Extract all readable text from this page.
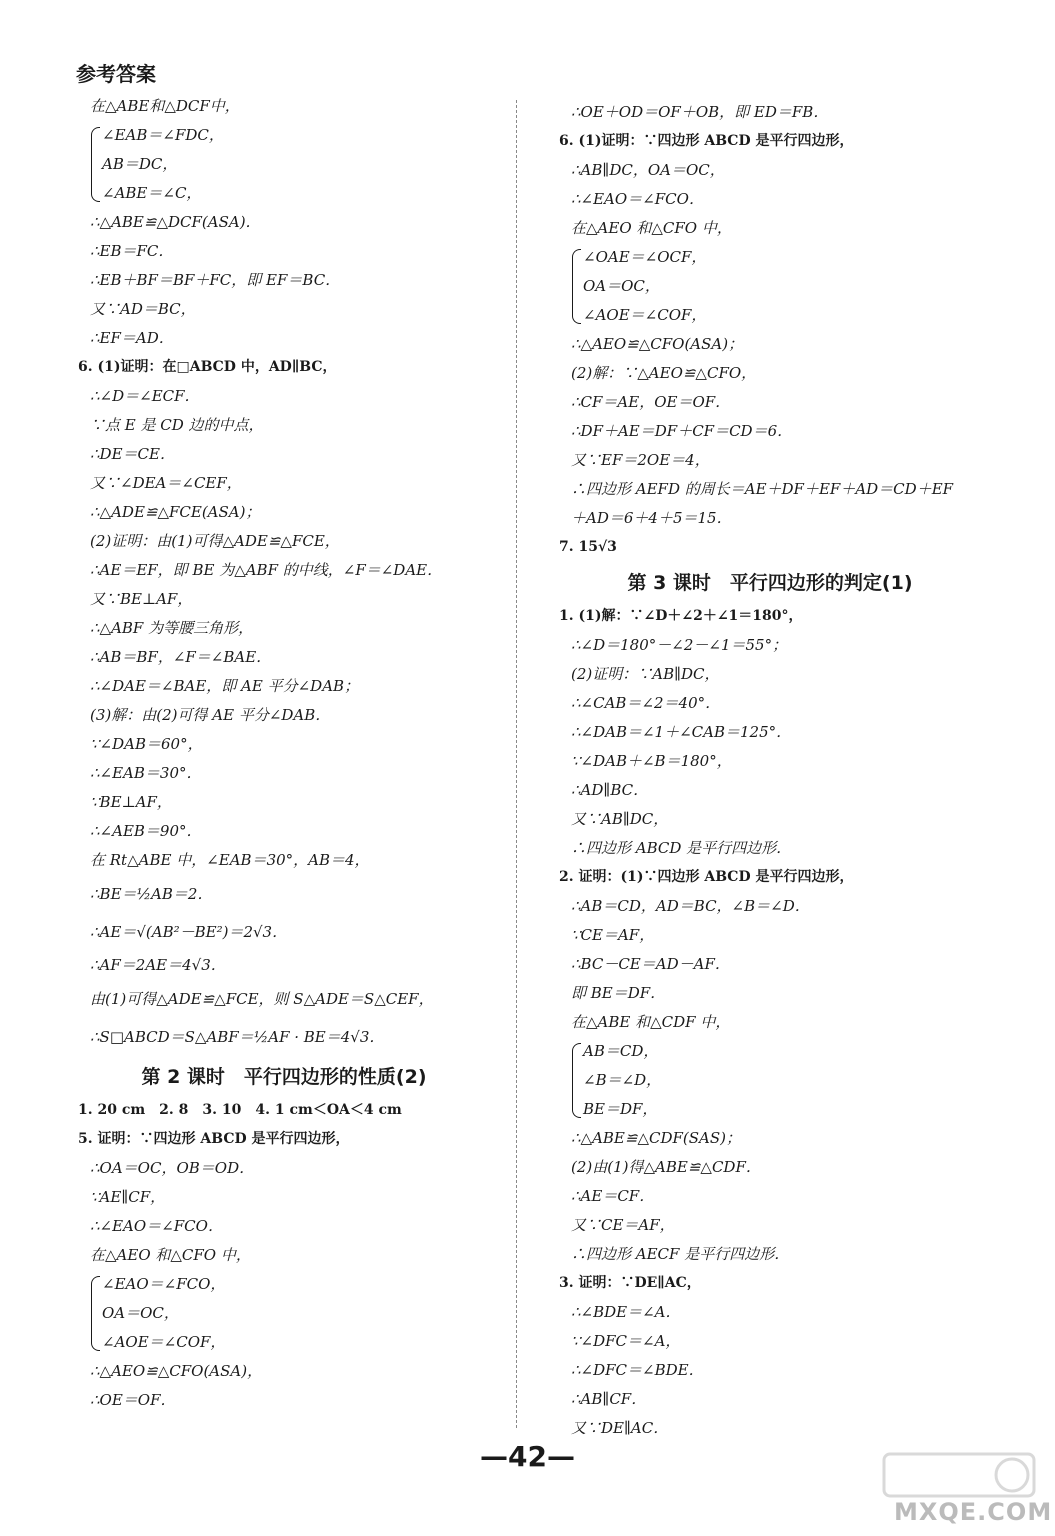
参考答案
在△ABE和△DCF中，
∠EAB＝∠FDC，
AB＝DC，
∠ABE＝∠C，
∴△ABE≌△DCF(ASA)．
∴EB＝FC．
∴EB＋BF＝BF＋FC，即 EF＝BC．
又∵AD＝BC，
∴EF＝AD．
6. (1)证明：在□ABCD 中，AD∥BC，
∴∠D＝∠ECF．
∵点 E 是 CD 边的中点，
∴DE＝CE．
又∵∠DEA＝∠CEF，
∴△ADE≌△FCE(ASA)；
(2)证明：由(1)可得△ADE≌△FCE，
∴AE＝EF，即 BE 为△ABF 的中线，∠F＝∠DAE．
又∵BE⊥AF，
∴△ABF 为等腰三角形，
∴AB＝BF，∠F＝∠BAE．
∴∠DAE＝∠BAE，即 AE 平分∠DAB；
(3)解：由(2)可得 AE 平分∠DAB．
∵∠DAB＝60°，
∴∠EAB＝30°．
∵BE⊥AF，
∴∠AEB＝90°．
在 Rt△ABE 中，∠EAB＝30°，AB＝4，
∴BE＝½AB＝2．
∴AE＝√(AB²－BE²)＝2√3．
∴AF＝2AE＝4√3．
由(1)可得△ADE≌△FCE，则 S△ADE＝S△CEF，
∴S□ABCD＝S△ABF＝½AF · BE＝4√3．
第 2 课时　平行四边形的性质(2)
1. 20 cm　2. 8　3. 10　4. 1 cm＜OA＜4 cm
5. 证明：∵四边形 ABCD 是平行四边形，
∴OA＝OC，OB＝OD．
∵AE∥CF，
∴∠EAO＝∠FCO．
在△AEO 和△CFO 中，
∠EAO＝∠FCO，
OA＝OC，
∠AOE＝∠COF，
∴△AEO≌△CFO(ASA)，
∴OE＝OF．
∴OE＋OD＝OF＋OB，即 ED＝FB．
6. (1)证明：∵四边形 ABCD 是平行四边形，
∴AB∥DC，OA＝OC，
∴∠EAO＝∠FCO．
在△AEO 和△CFO 中，
∠OAE＝∠OCF，
OA＝OC，
∠AOE＝∠COF，
∴△AEO≌△CFO(ASA)；
(2)解：∵△AEO≌△CFO，
∴CF＝AE，OE＝OF．
∴DF＋AE＝DF＋CF＝CD＝6．
又∵EF＝2OE＝4，
∴四边形 AEFD 的周长＝AE＋DF＋EF＋AD＝CD＋EF
＋AD＝6＋4＋5＝15．
7. 15√3
第 3 课时　平行四边形的判定(1)
1. (1)解：∵∠D＋∠2＋∠1＝180°，
∴∠D＝180°－∠2－∠1＝55°；
(2)证明：∵AB∥DC，
∴∠CAB＝∠2＝40°．
∴∠DAB＝∠1＋∠CAB＝125°．
∵∠DAB＋∠B＝180°，
∴AD∥BC．
又∵AB∥DC，
∴四边形 ABCD 是平行四边形．
2. 证明：(1)∵四边形 ABCD 是平行四边形，
∴AB＝CD，AD＝BC，∠B＝∠D．
∵CE＝AF，
∴BC－CE＝AD－AF．
即 BE＝DF．
在△ABE 和△CDF 中，
AB＝CD，
∠B＝∠D，
BE＝DF，
∴△ABE≌△CDF(SAS)；
(2)由(1)得△ABE≌△CDF．
∴AE＝CF．
又∵CE＝AF，
∴四边形 AECF 是平行四边形．
3. 证明：∵DE∥AC，
∴∠BDE＝∠A．
∵∠DFC＝∠A，
∴∠DFC＝∠BDE．
∴AB∥CF．
又∵DE∥AC．
—42—
MXQE.COM
